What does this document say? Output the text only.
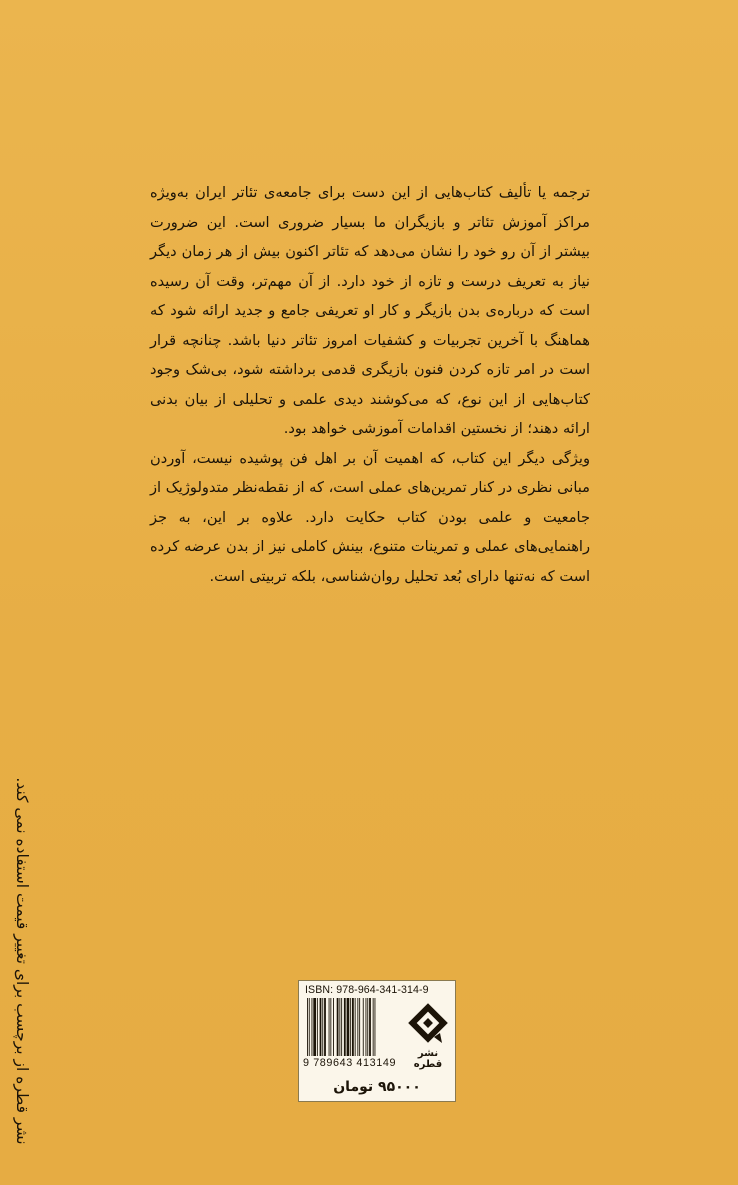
ترجمه یا تألیف کتاب‌هایی از این دست برای جامعه‌ی تئاتر ایران به‌ویژه مراکز آموزش تئاتر و بازیگران ما بسیار ضروری است. این ضرورت بیشتر از آن رو خود را نشان می‌دهد که تئاتر اکنون بیش از هر زمان دیگر نیاز به تعریف درست و تازه از خود دارد. از آن مهم‌تر، وقت آن رسیده است که درباره‌ی بدن بازیگر و کار او تعریفی جامع و جدید ارائه شود که هماهنگ با آخرین تجربیات و کشفیات امروز تئاتر دنیا باشد. چنانچه قرار است در امر تازه کردن فنون بازیگری قدمی برداشته شود، بی‌شک وجود کتاب‌هایی از این نوع، که می‌کوشند دیدی علمی و تحلیلی از بیان بدنی ارائه دهند؛ از نخستین اقدامات آموزشی خواهد بود.

ویژگی دیگر این کتاب، که اهمیت آن بر اهل فن پوشیده نیست، آوردن مبانی نظری در کنار تمرین‌های عملی است، که از نقطه‌نظر متدولوژیک از جامعیت و علمی بودن کتاب حکایت دارد. علاوه بر این، به جز راهنمایی‌های عملی و تمرینات متنوع، بینش کاملی نیز از بدن عرضه کرده است که نه‌تنها دارای بُعد تحلیل روان‌شناسی، بلکه تربیتی است.

نشر قطره از برچسب برای تغییر قیمت استفاده نمی کند.	ISBN: 978-964-341-314-9
9 789643 413149
نشر قطره
۹۵۰۰۰ تومان
